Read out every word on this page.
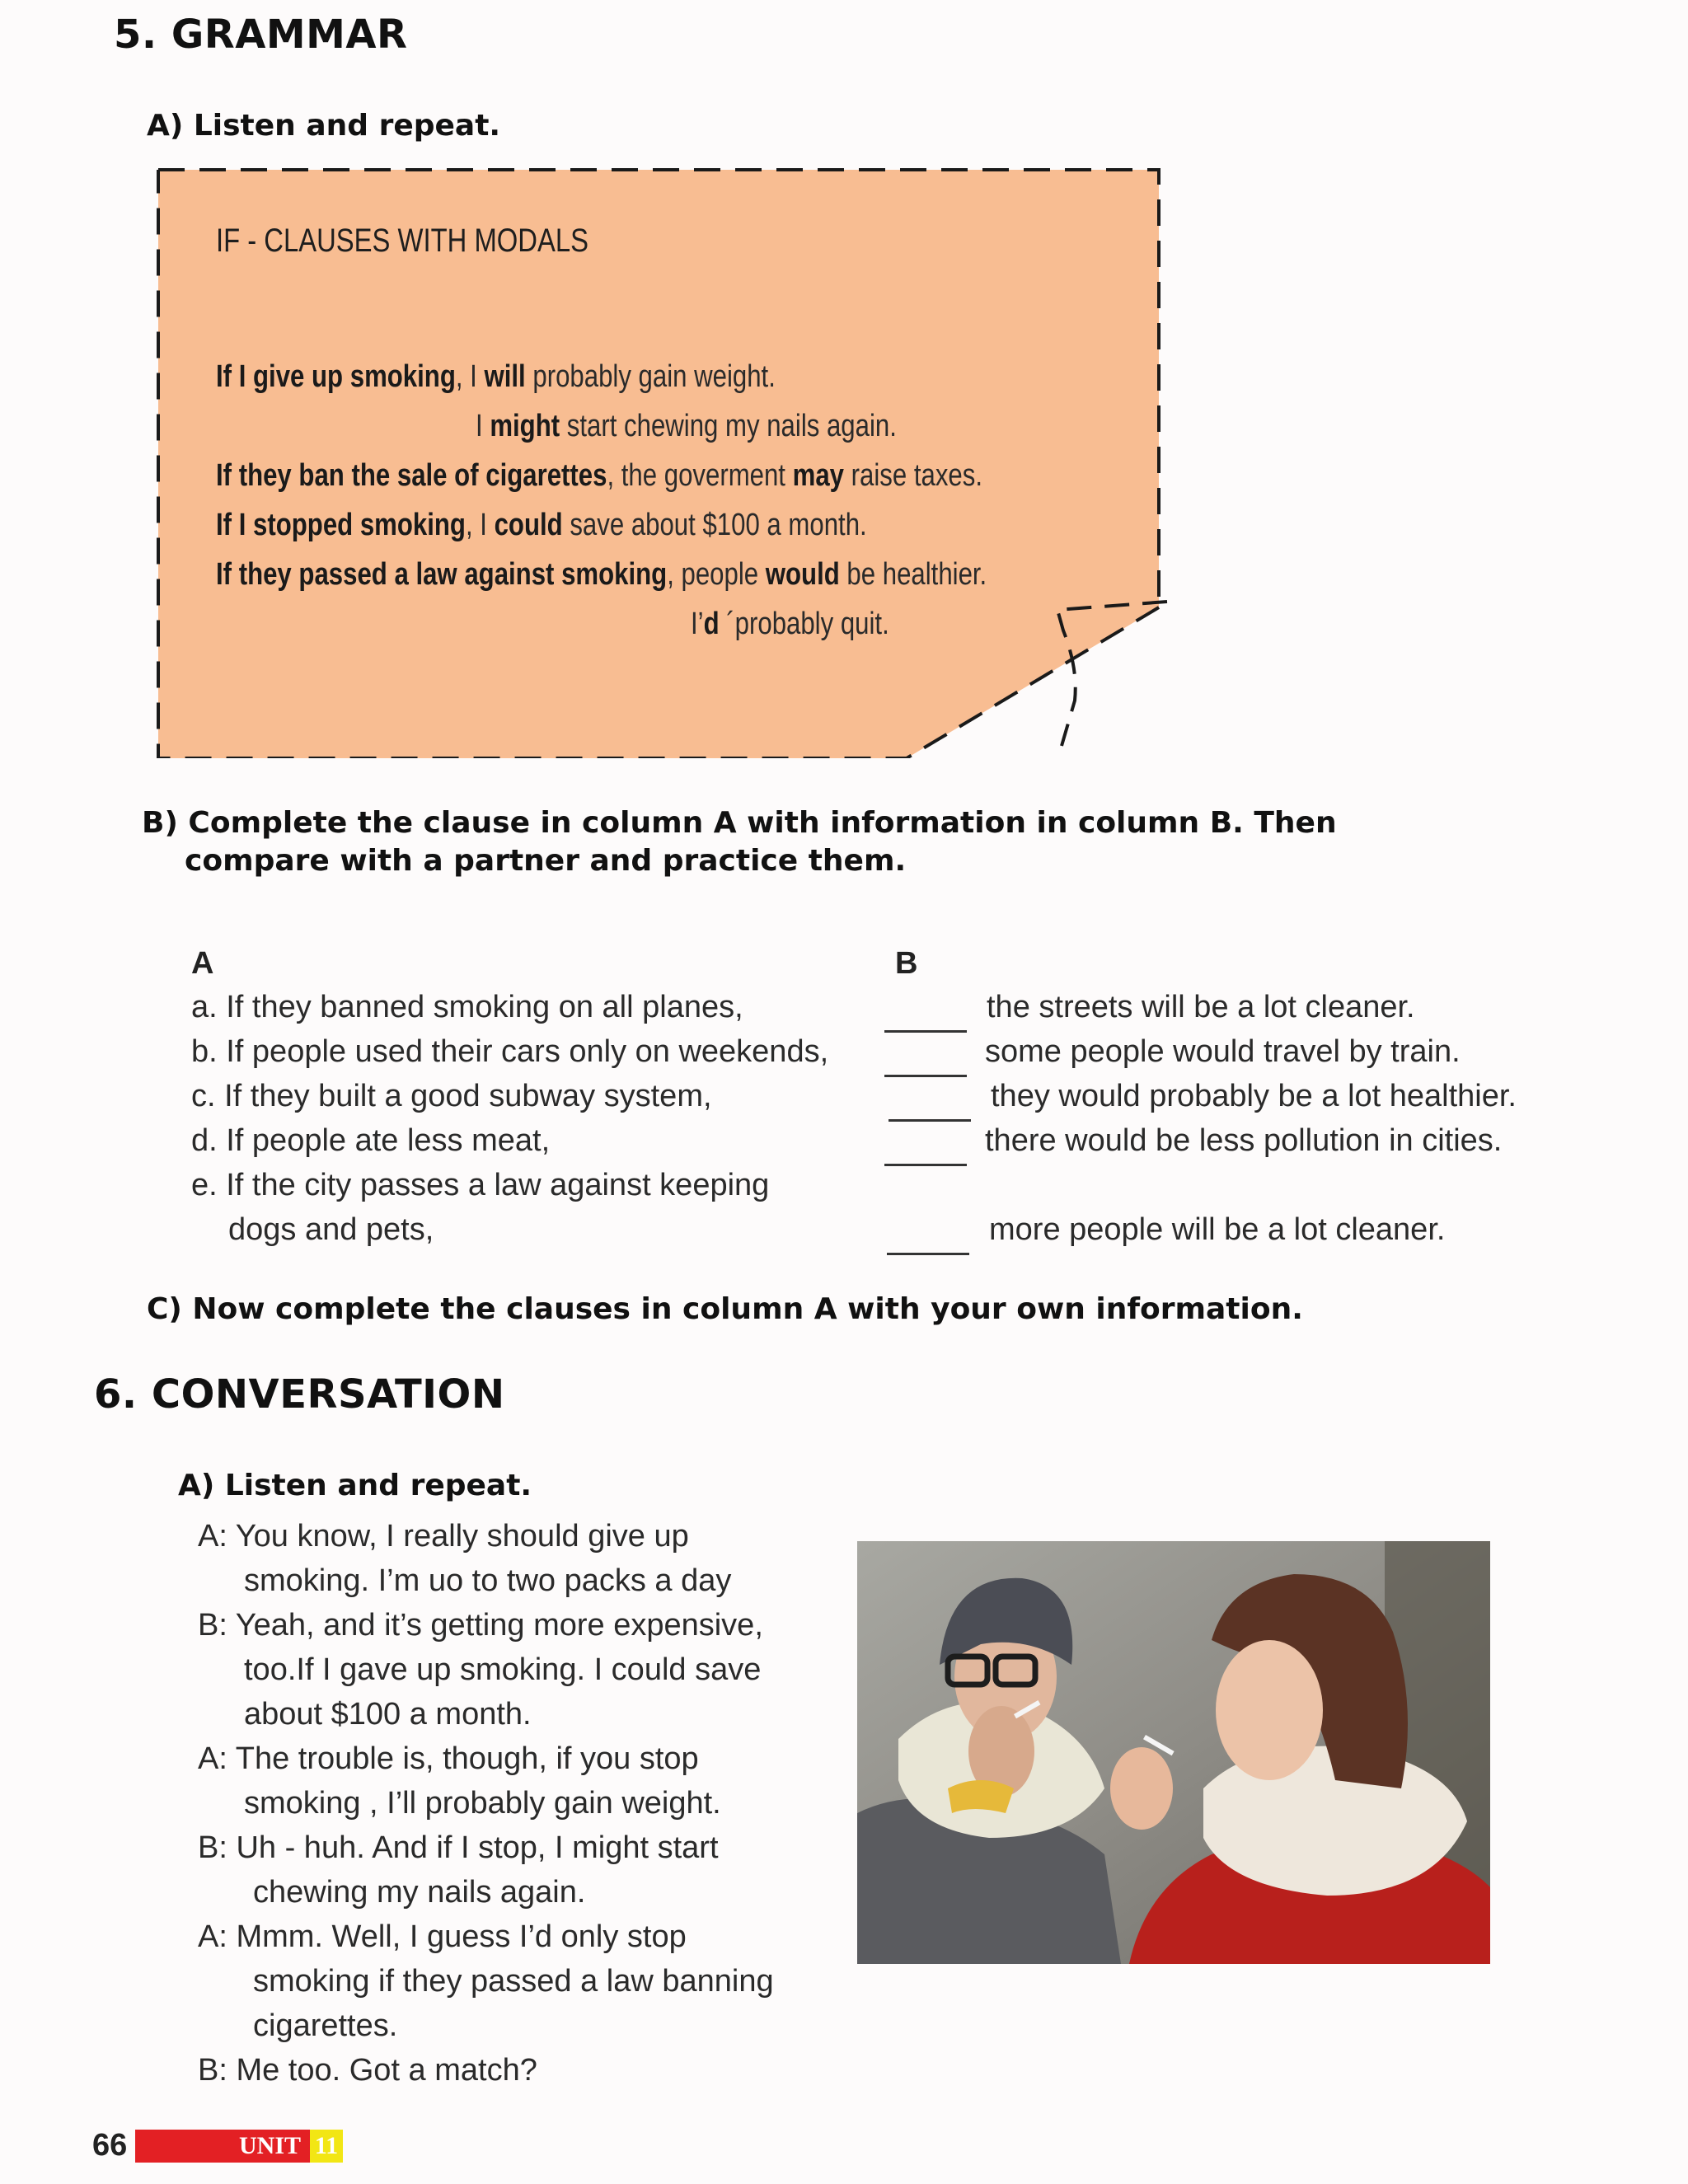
5. GRAMMAR
A) Listen and repeat.
IF - CLAUSES WITH MODALS
If I give up smoking, I will probably gain weight.
I might start chewing my nails again.
If they ban the sale of cigarettes, the goverment may raise taxes.
If I stopped smoking, I could save about $100 a month.
If they passed a law against smoking, people would be healthier.
I’d ´probably quit.
B) Complete the clause in column A with information in column B. Then compare with a partner and practice them.
A	B
a. If they banned smoking on all planes,
b. If people used their cars only on weekends,
c. If they built a good subway system,
d. If people ate less meat,
e. If the city passes a law against keeping
dogs and pets,
the streets will be a lot cleaner.
some people would travel by train.
they would probably be a lot healthier.
there would be less pollution in cities.
more people will be a lot cleaner.
C) Now complete the clauses in column A with your own information.
6. CONVERSATION
A) Listen and repeat.
A: You know, I really should give up
smoking. I’m uo to two packs a day
B: Yeah, and it’s getting more expensive,
too.If I gave up smoking. I could save
about $100 a month.
A: The trouble is, though, if you stop
smoking , I’ll probably gain weight.
B: Uh - huh. And if I stop, I might start
chewing my nails again.
A: Mmm. Well, I guess I’d only stop
smoking if they passed a law banning
cigarettes.
B: Me too. Got a match?
66	UNIT 11
